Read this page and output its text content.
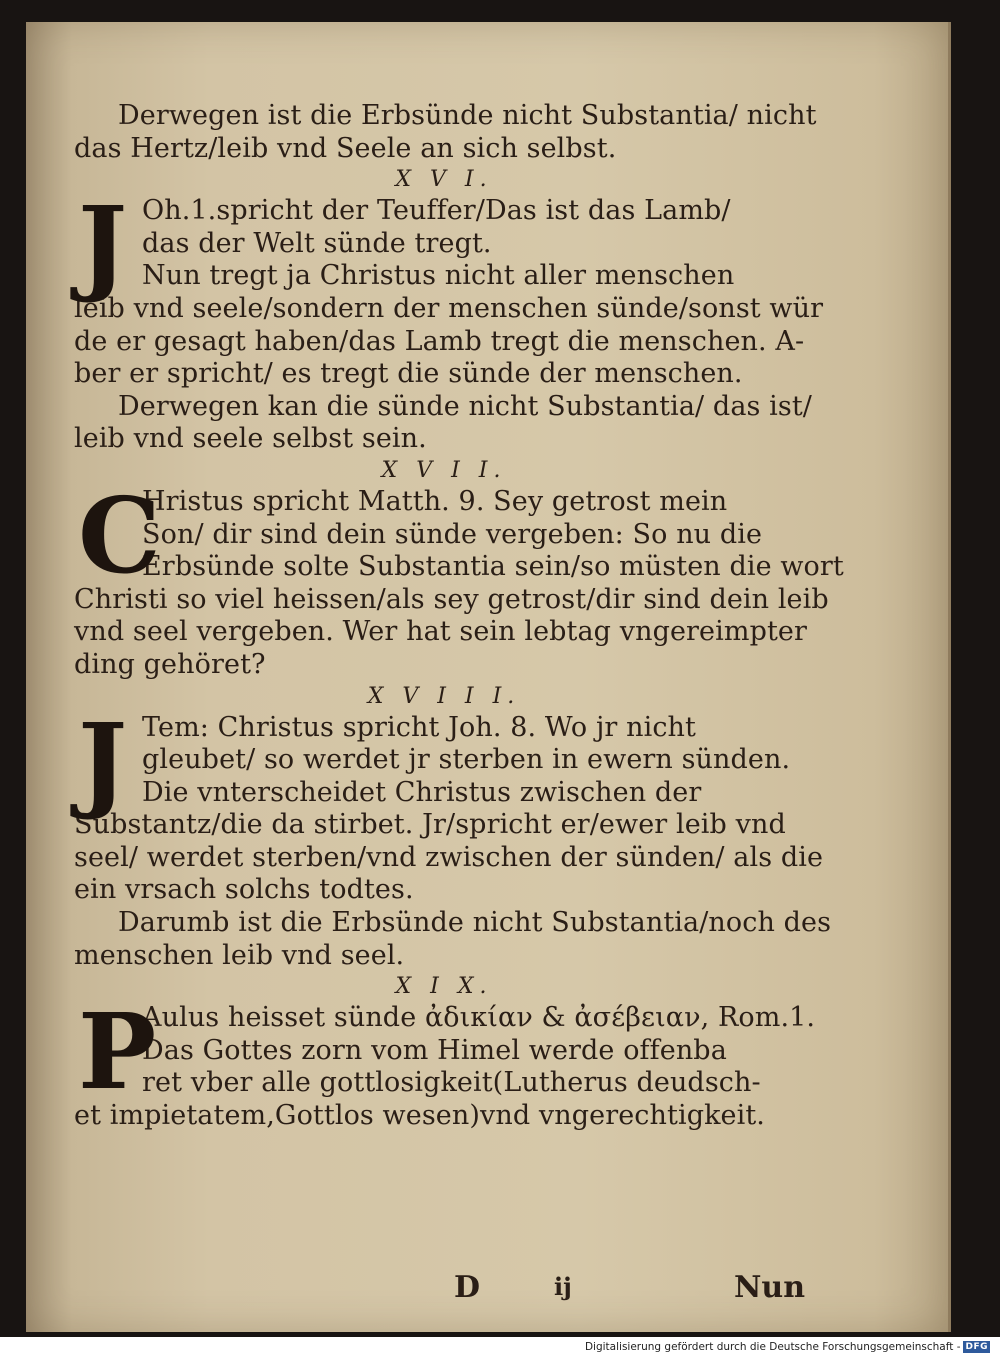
Derwegen ist die Erbsünde nicht Substantia/ nicht
das Hertz/leib vnd Seele an sich selbst.
X V I.
J Oh.1.spricht der Teuffer/Das ist das Lamb/
das der Welt sünde tregt.
Nun tregt ja Christus nicht aller menschen
leib vnd seele/sondern der menschen sünde/sonst wür
de er gesagt haben/das Lamb tregt die menschen. A-
ber er spricht/ es tregt die sünde der menschen.
Derwegen kan die sünde nicht Substantia/ das ist/
leib vnd seele selbst sein.
X V I I.
C
Hristus spricht Matth. 9. Sey getrost mein
Son/ dir sind dein sünde vergeben: So nu die
Erbsünde solte Substantia sein/so müsten die wort
Christi so viel heissen/als sey getrost/dir sind dein leib
vnd seel vergeben. Wer hat sein lebtag vngereimpter
ding gehöret?
X V I I I.
J Tem: Christus spricht Joh. 8. Wo jr nicht
gleubet/ so werdet jr sterben in ewern sünden.
Die vnterscheidet Christus zwischen der
Substantz/die da stirbet. Jr/spricht er/ewer leib vnd
seel/ werdet sterben/vnd zwischen der sünden/ als die
ein vrsach solchs todtes.
Darumb ist die Erbsünde nicht Substantia/noch des
menschen leib vnd seel.
X I X.
P
Aulus heisset sünde ἀδικίαν & ἀσέβειαν, Rom.1.
Das Gottes zorn vom Himel werde offenba
ret vber alle gottlosigkeit(Lutherus deudsch-
et impietatem,Gottlos wesen)vnd vngerechtigkeit.
D	ij	Nun
Digitalisierung gefördert durch die Deutsche Forschungsgemeinschaft - DFG
